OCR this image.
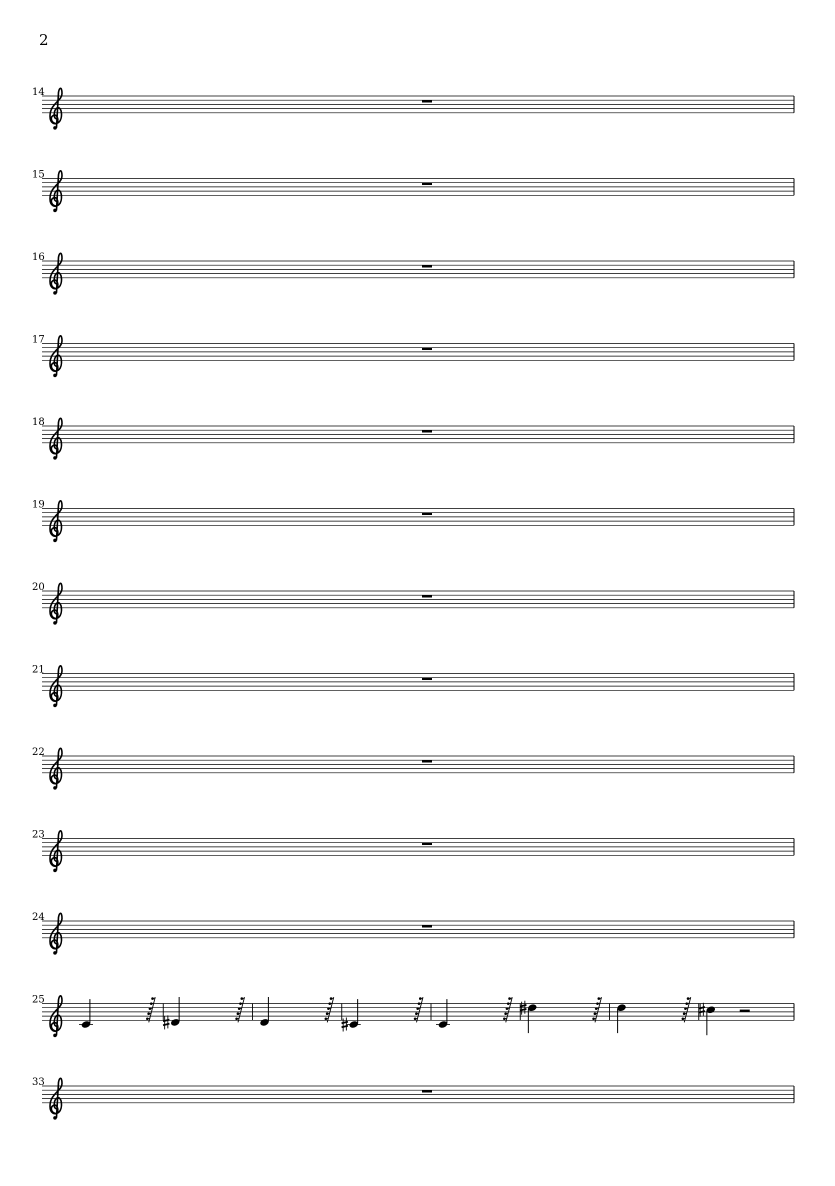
2
14
15
16
17
18
19
20
21
22
23
24
25
33
